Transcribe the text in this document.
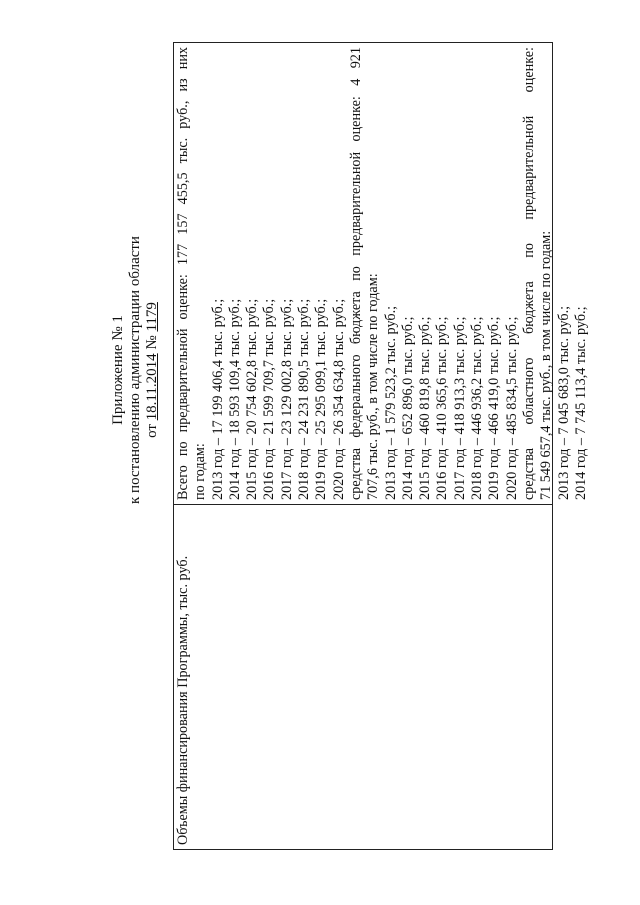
Приложение № 1 к постановлению администрации области от 18.11.2014 № 1179
Объемы финансирования Программы, тыс. руб.
Всего по предварительной оценке: 177 157 455,5 тыс. руб., из них по годам: 2013 год – 17 199 406,4 тыс. руб.; 2014 год – 18 593 109,4 тыс. руб.; 2015 год – 20 754 602,8 тыс. руб.; 2016 год – 21 599 709,7 тыс. руб.; 2017 год – 23 129 002,8 тыс. руб.; 2018 год – 24 231 890,5 тыс. руб.; 2019 год – 25 295 099,1 тыс. руб.; 2020 год – 26 354 634,8 тыс. руб.; средства федерального бюджета по предварительной оценке: 4 921 707,6 тыс. руб., в том числе по годам: 2013 год – 1 579 523,2 тыс. руб.; 2014 год – 652 896,0 тыс. руб.; 2015 год – 460 819,8 тыс. руб.; 2016 год – 410 365,6 тыс. руб.; 2017 год – 418 913,3 тыс. руб.; 2018 год – 446 936,2 тыс. руб.; 2019 год – 466 419,0 тыс. руб.; 2020 год – 485 834,5 тыс. руб.; средства областного бюджета по предварительной оценке: 71 549 657,4 тыс. руб., в том числе по годам: 2013 год – 7 045 683,0 тыс. руб.; 2014 год – 7 745 113,4 тыс. руб.;
